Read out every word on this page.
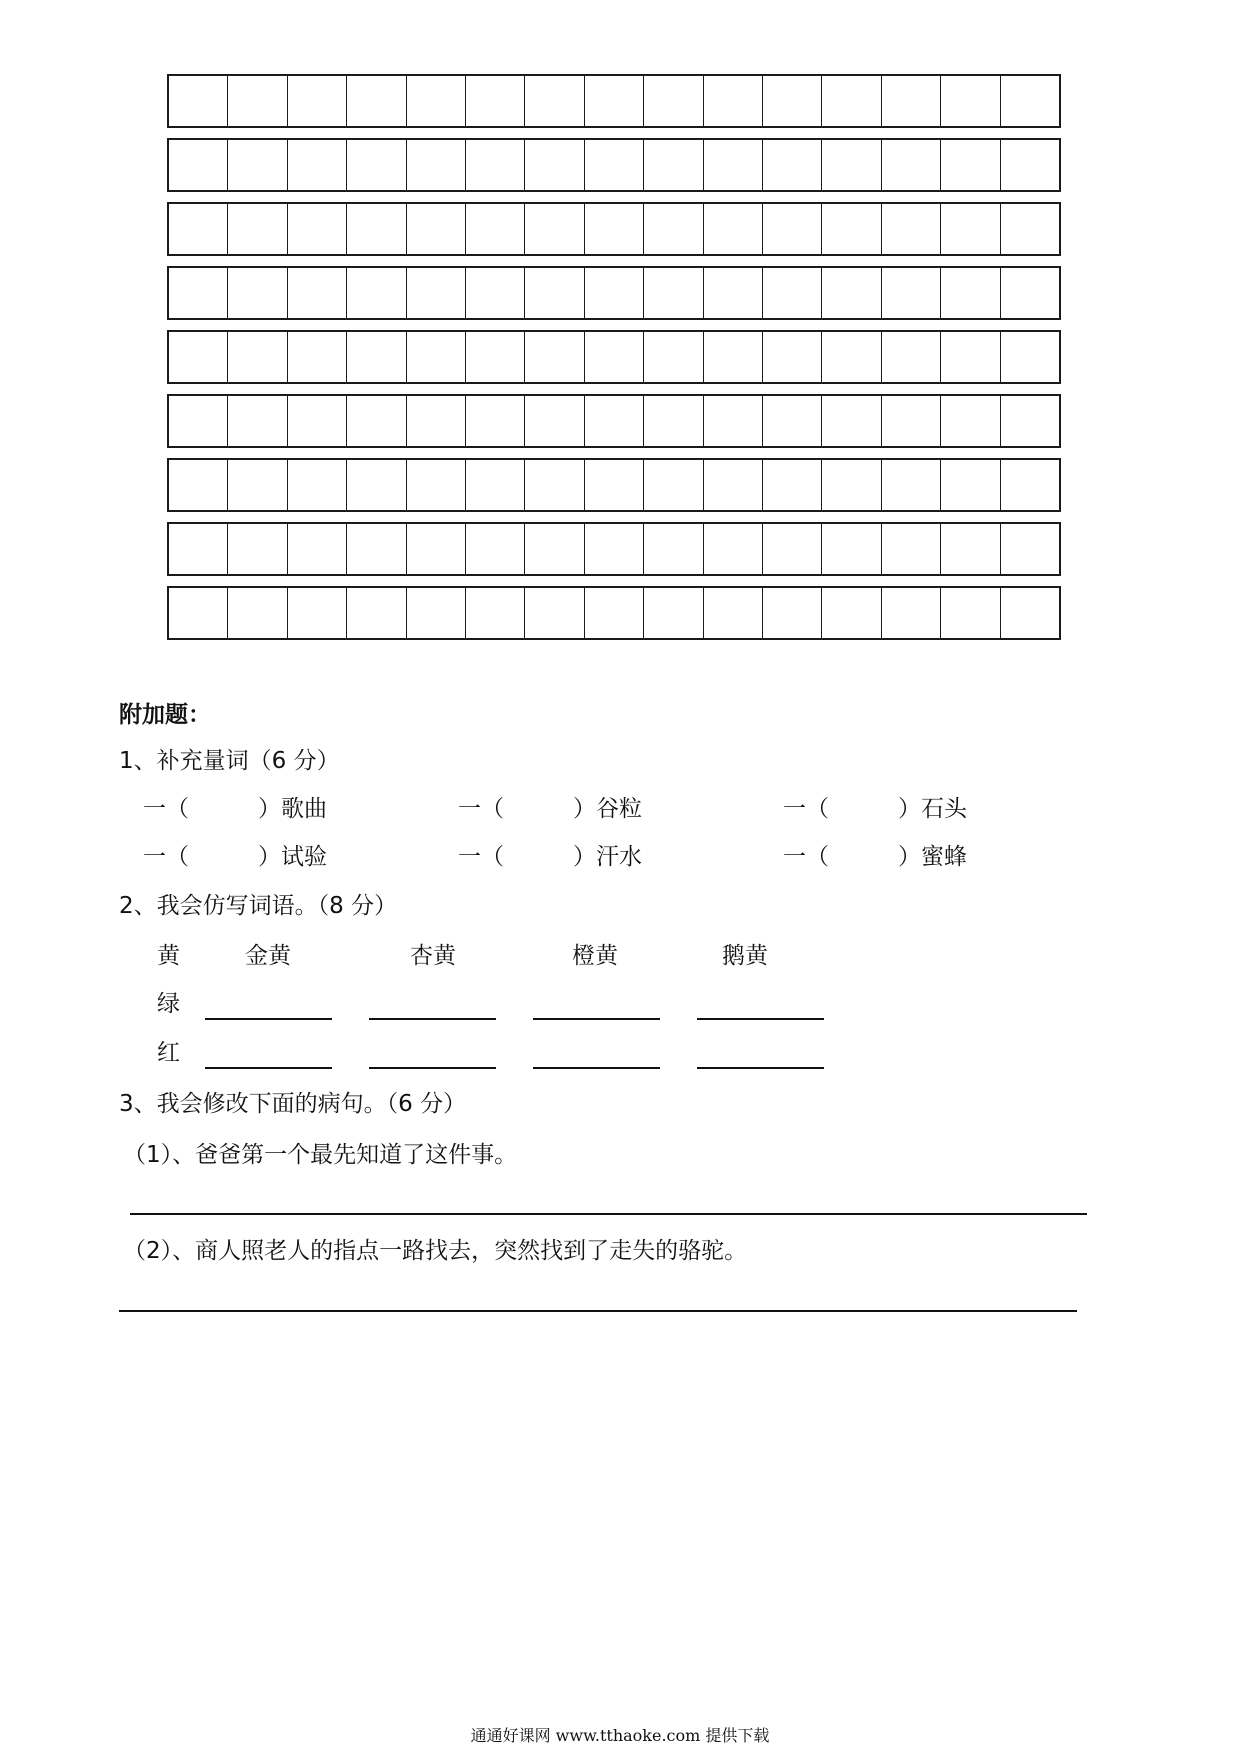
附加题：
1、补充量词（6 分）
一（　　　）歌曲	一（　　　）谷粒	一（　　　）石头
一（　　　）试验	一（　　　）汗水	一（　　　）蜜蜂
2、我会仿写词语。（8 分）
黄	金黄	杏黄	橙黄	鹅黄
绿
红
3、我会修改下面的病句。（6 分）
（1）、爸爸第一个最先知道了这件事。
（2）、商人照老人的指点一路找去，突然找到了走失的骆驼。
通通好课网 www.tthaoke.com 提供下载
